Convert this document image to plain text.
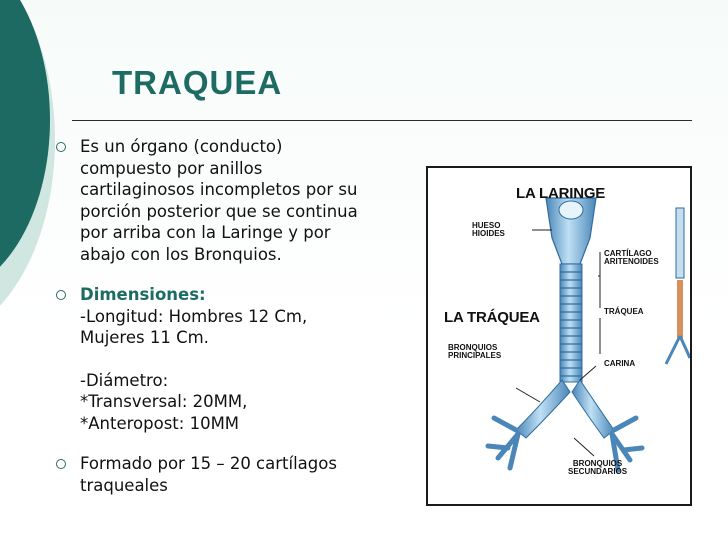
TRAQUEA
Es un órgano (conducto)
compuesto por anillos
cartilaginosos incompletos por su
porción posterior que se continua
por arriba con la Laringe y por
abajo con los Bronquios.
Dimensiones:
-Longitud: Hombres 12 Cm,
Mujeres 11 Cm.
-Diámetro:
*Transversal: 20MM,
*Anteropost: 10MM
Formado por 15 – 20 cartílagos
traqueales
LA LARINGE
HUESO
HIOIDES
CARTÍLAGO
ARITENOIDES
LA TRÁQUEA	TRÁQUEA
BRONQUIOS
PRINCIPALES
CARINA
BRONQUIOS
SECUNDARIOS
